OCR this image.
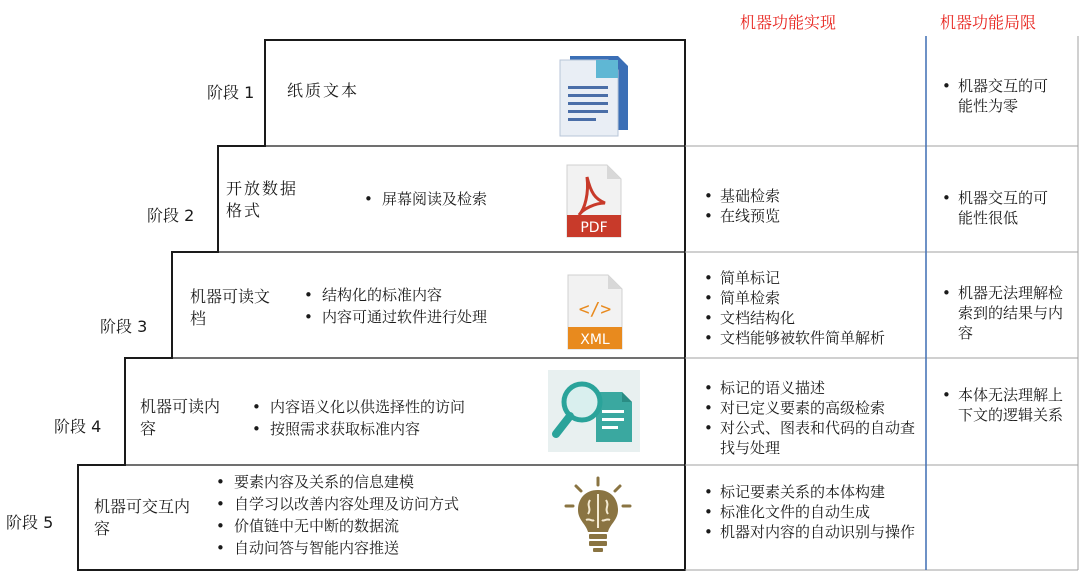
机器功能实现	机器功能局限
阶段 1
阶段 2
阶段 3
阶段 4
阶段 5
纸质文本
开放数据格式
• 屏幕阅读及检索
PDF
机器可读文档
• 结构化的标准内容
• 内容可通过软件进行处理	</>
XML
机器可读内容
• 内容语义化以供选择性的访问
• 按照需求获取标准内容
机器可交互内容
• 要素内容及关系的信息建模
• 自学习以改善内容处理及访问方式
• 价值链中无中断的数据流
• 自动问答与智能内容推送
• 基础检索
• 在线预览
• 简单标记
• 简单检索
• 文档结构化
• 文档能够被软件简单解析
• 标记的语义描述
• 对已定义要素的高级检索
• 对公式、图表和代码的自动查找与处理
• 标记要素关系的本体构建
• 标准化文件的自动生成
• 机器对内容的自动识别与操作
• 机器交互的可能性为零
• 机器交互的可能性很低
• 机器无法理解检索到的结果与内容
• 本体无法理解上下文的逻辑关系
